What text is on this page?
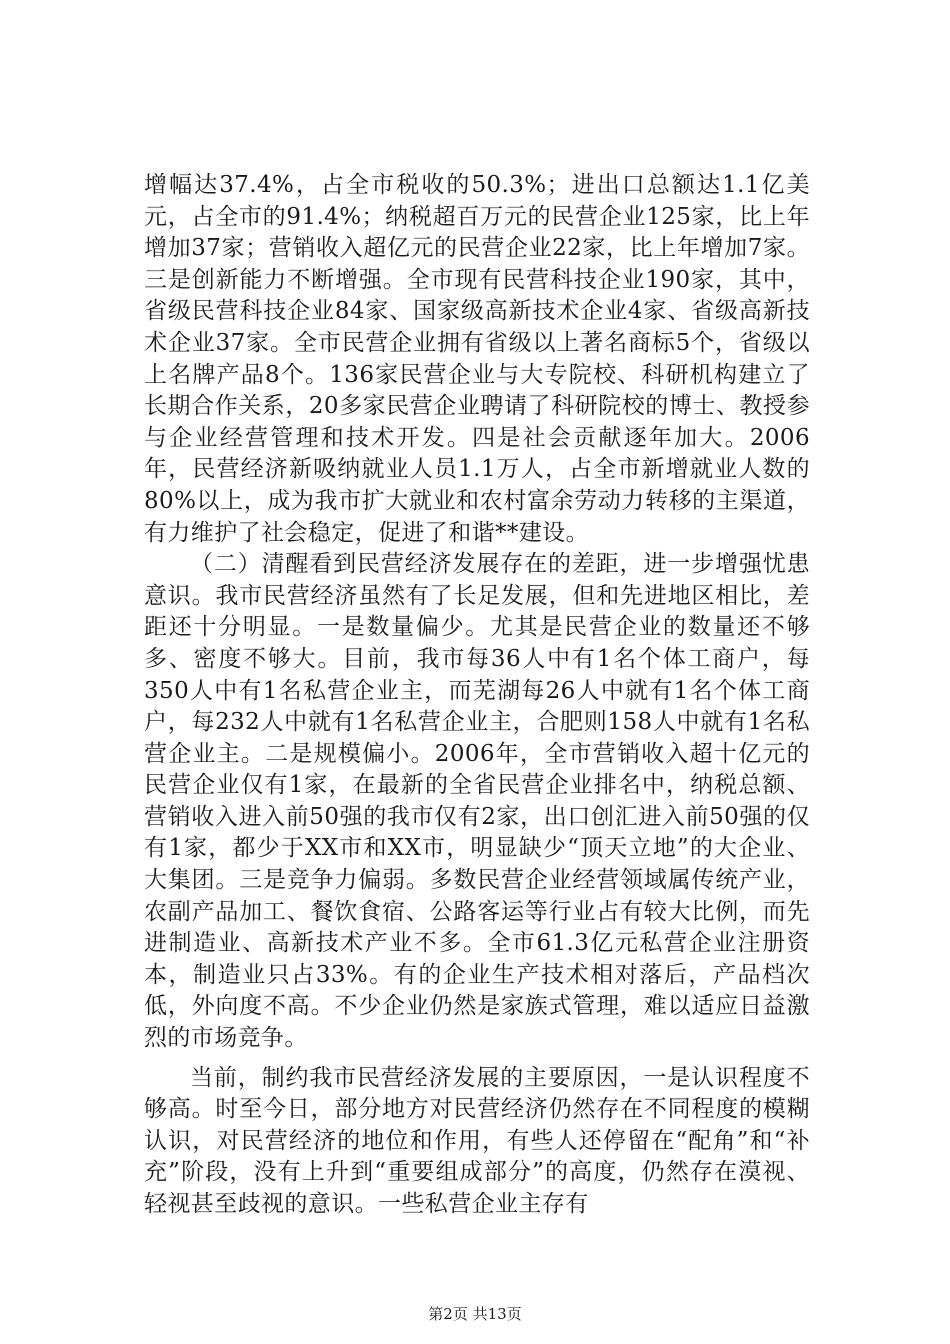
增幅达37.4%，占全市税收的50.3%；进出口总额达1.1亿美元，占全市的91.4%；纳税超百万元的民营企业125家，比上年增加37家；营销收入超亿元的民营企业22家，比上年增加7家。三是创新能力不断增强。全市现有民营科技企业190家，其中，省级民营科技企业84家、国家级高新技术企业4家、省级高新技术企业37家。全市民营企业拥有省级以上著名商标5个，省级以上名牌产品8个。136家民营企业与大专院校、科研机构建立了长期合作关系，20多家民营企业聘请了科研院校的博士、教授参与企业经营管理和技术开发。四是社会贡献逐年加大。2006年，民营经济新吸纳就业人员1.1万人，占全市新增就业人数的80%以上，成为我市扩大就业和农村富余劳动力转移的主渠道，有力维护了社会稳定，促进了和谐**建设。

（二）清醒看到民营经济发展存在的差距，进一步增强忧患意识。我市民营经济虽然有了长足发展，但和先进地区相比，差距还十分明显。一是数量偏少。尤其是民营企业的数量还不够多、密度不够大。目前，我市每36人中有1名个体工商户，每350人中有1名私营企业主，而芜湖每26人中就有1名个体工商户，每232人中就有1名私营企业主，合肥则158人中就有1名私营企业主。二是规模偏小。2006年，全市营销收入超十亿元的民营企业仅有1家，在最新的全省民营企业排名中，纳税总额、营销收入进入前50强的我市仅有2家，出口创汇进入前50强的仅有1家，都少于XX市和XX市，明显缺少“顶天立地”的大企业、大集团。三是竞争力偏弱。多数民营企业经营领域属传统产业，农副产品加工、餐饮食宿、公路客运等行业占有较大比例，而先进制造业、高新技术产业不多。全市61.3亿元私营企业注册资本，制造业只占33%。有的企业生产技术相对落后，产品档次低，外向度不高。不少企业仍然是家族式管理，难以适应日益激烈的市场竞争。

当前，制约我市民营经济发展的主要原因，一是认识程度不够高。时至今日，部分地方对民营经济仍然存在不同程度的模糊认识，对民营经济的地位和作用，有些人还停留在“配角”和“补充”阶段，没有上升到“重要组成部分”的高度，仍然存在漠视、轻视甚至歧视的意识。一些私营企业主存有

第2页 共13页
